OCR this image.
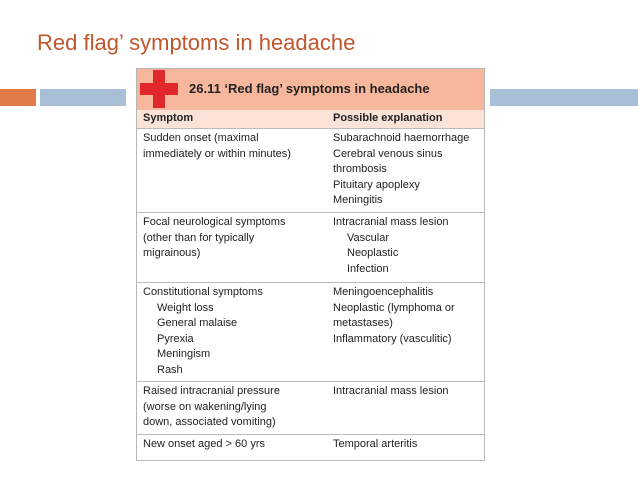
Red flag’ symptoms in headache
26.11 ‘Red flag’ symptoms in headache
Symptom	Possible explanation
Sudden onset (maximal
immediately or within minutes)
Subarachnoid haemorrhage
Cerebral venous sinus
thrombosis
Pituitary apoplexy
Meningitis
Focal neurological symptoms
(other than for typically
migrainous)
Intracranial mass lesion
Vascular
Neoplastic
Infection
Constitutional symptoms
Weight loss
General malaise
Pyrexia
Meningism
Rash
Meningoencephalitis
Neoplastic (lymphoma or
metastases)
Inflammatory (vasculitic)
Raised intracranial pressure
(worse on wakening/lying
down, associated vomiting)
Intracranial mass lesion
New onset aged > 60 yrs	Temporal arteritis
